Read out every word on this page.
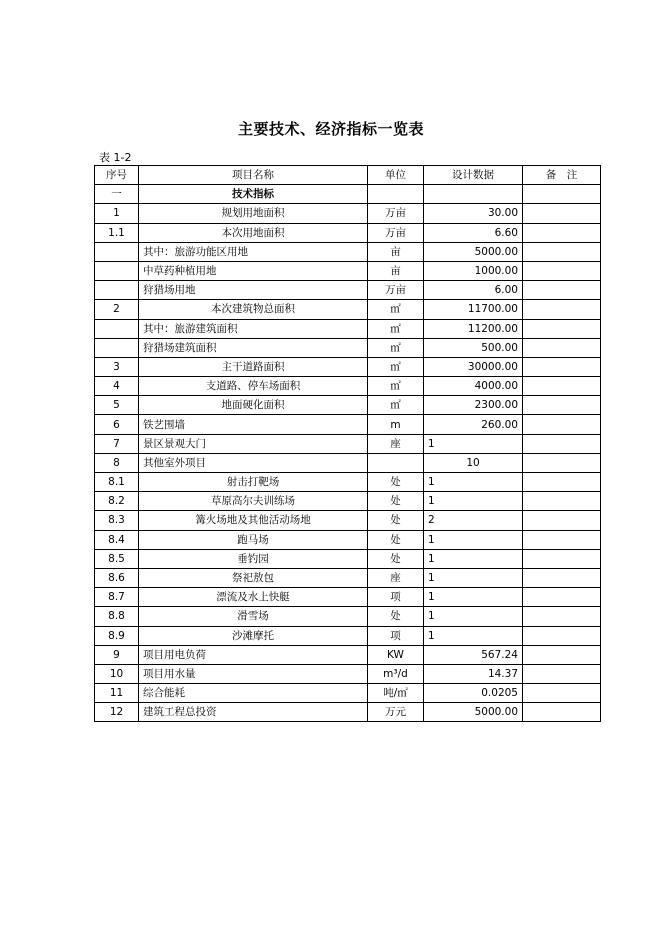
主要技术、经济指标一览表
表 1-2
序号	项目名称	单位	设计数据	备　注
一	技术指标			
1	规划用地面积	万亩	30.00	
1.1	本次用地面积	万亩	6.60	
	其中：旅游功能区用地	亩	5000.00	
	中草药种植用地	亩	1000.00	
	狩猎场用地	万亩	6.00	
2	本次建筑物总面积	㎡	11700.00	
	其中：旅游建筑面积	㎡	11200.00	
	狩猎场建筑面积	㎡	500.00	
3	主干道路面积	㎡	30000.00	
4	支道路、停车场面积	㎡	4000.00	
5	地面硬化面积	㎡	2300.00	
6	铁艺围墙	m	260.00	
7	景区景观大门	座	1	
8	其他室外项目		10	
8.1	射击打靶场	处	1	
8.2	草原高尔夫训练场	处	1	
8.3	篝火场地及其他活动场地	处	2	
8.4	跑马场	处	1	
8.5	垂钓园	处	1	
8.6	祭祀敖包	座	1	
8.7	漂流及水上快艇	项	1	
8.8	滑雪场	处	1	
8.9	沙滩摩托	项	1	
9	项目用电负荷	KW	567.24	
10	项目用水量	m³/d	14.37	
11	综合能耗	吨/㎡	0.0205	
12	建筑工程总投资	万元	5000.00	
